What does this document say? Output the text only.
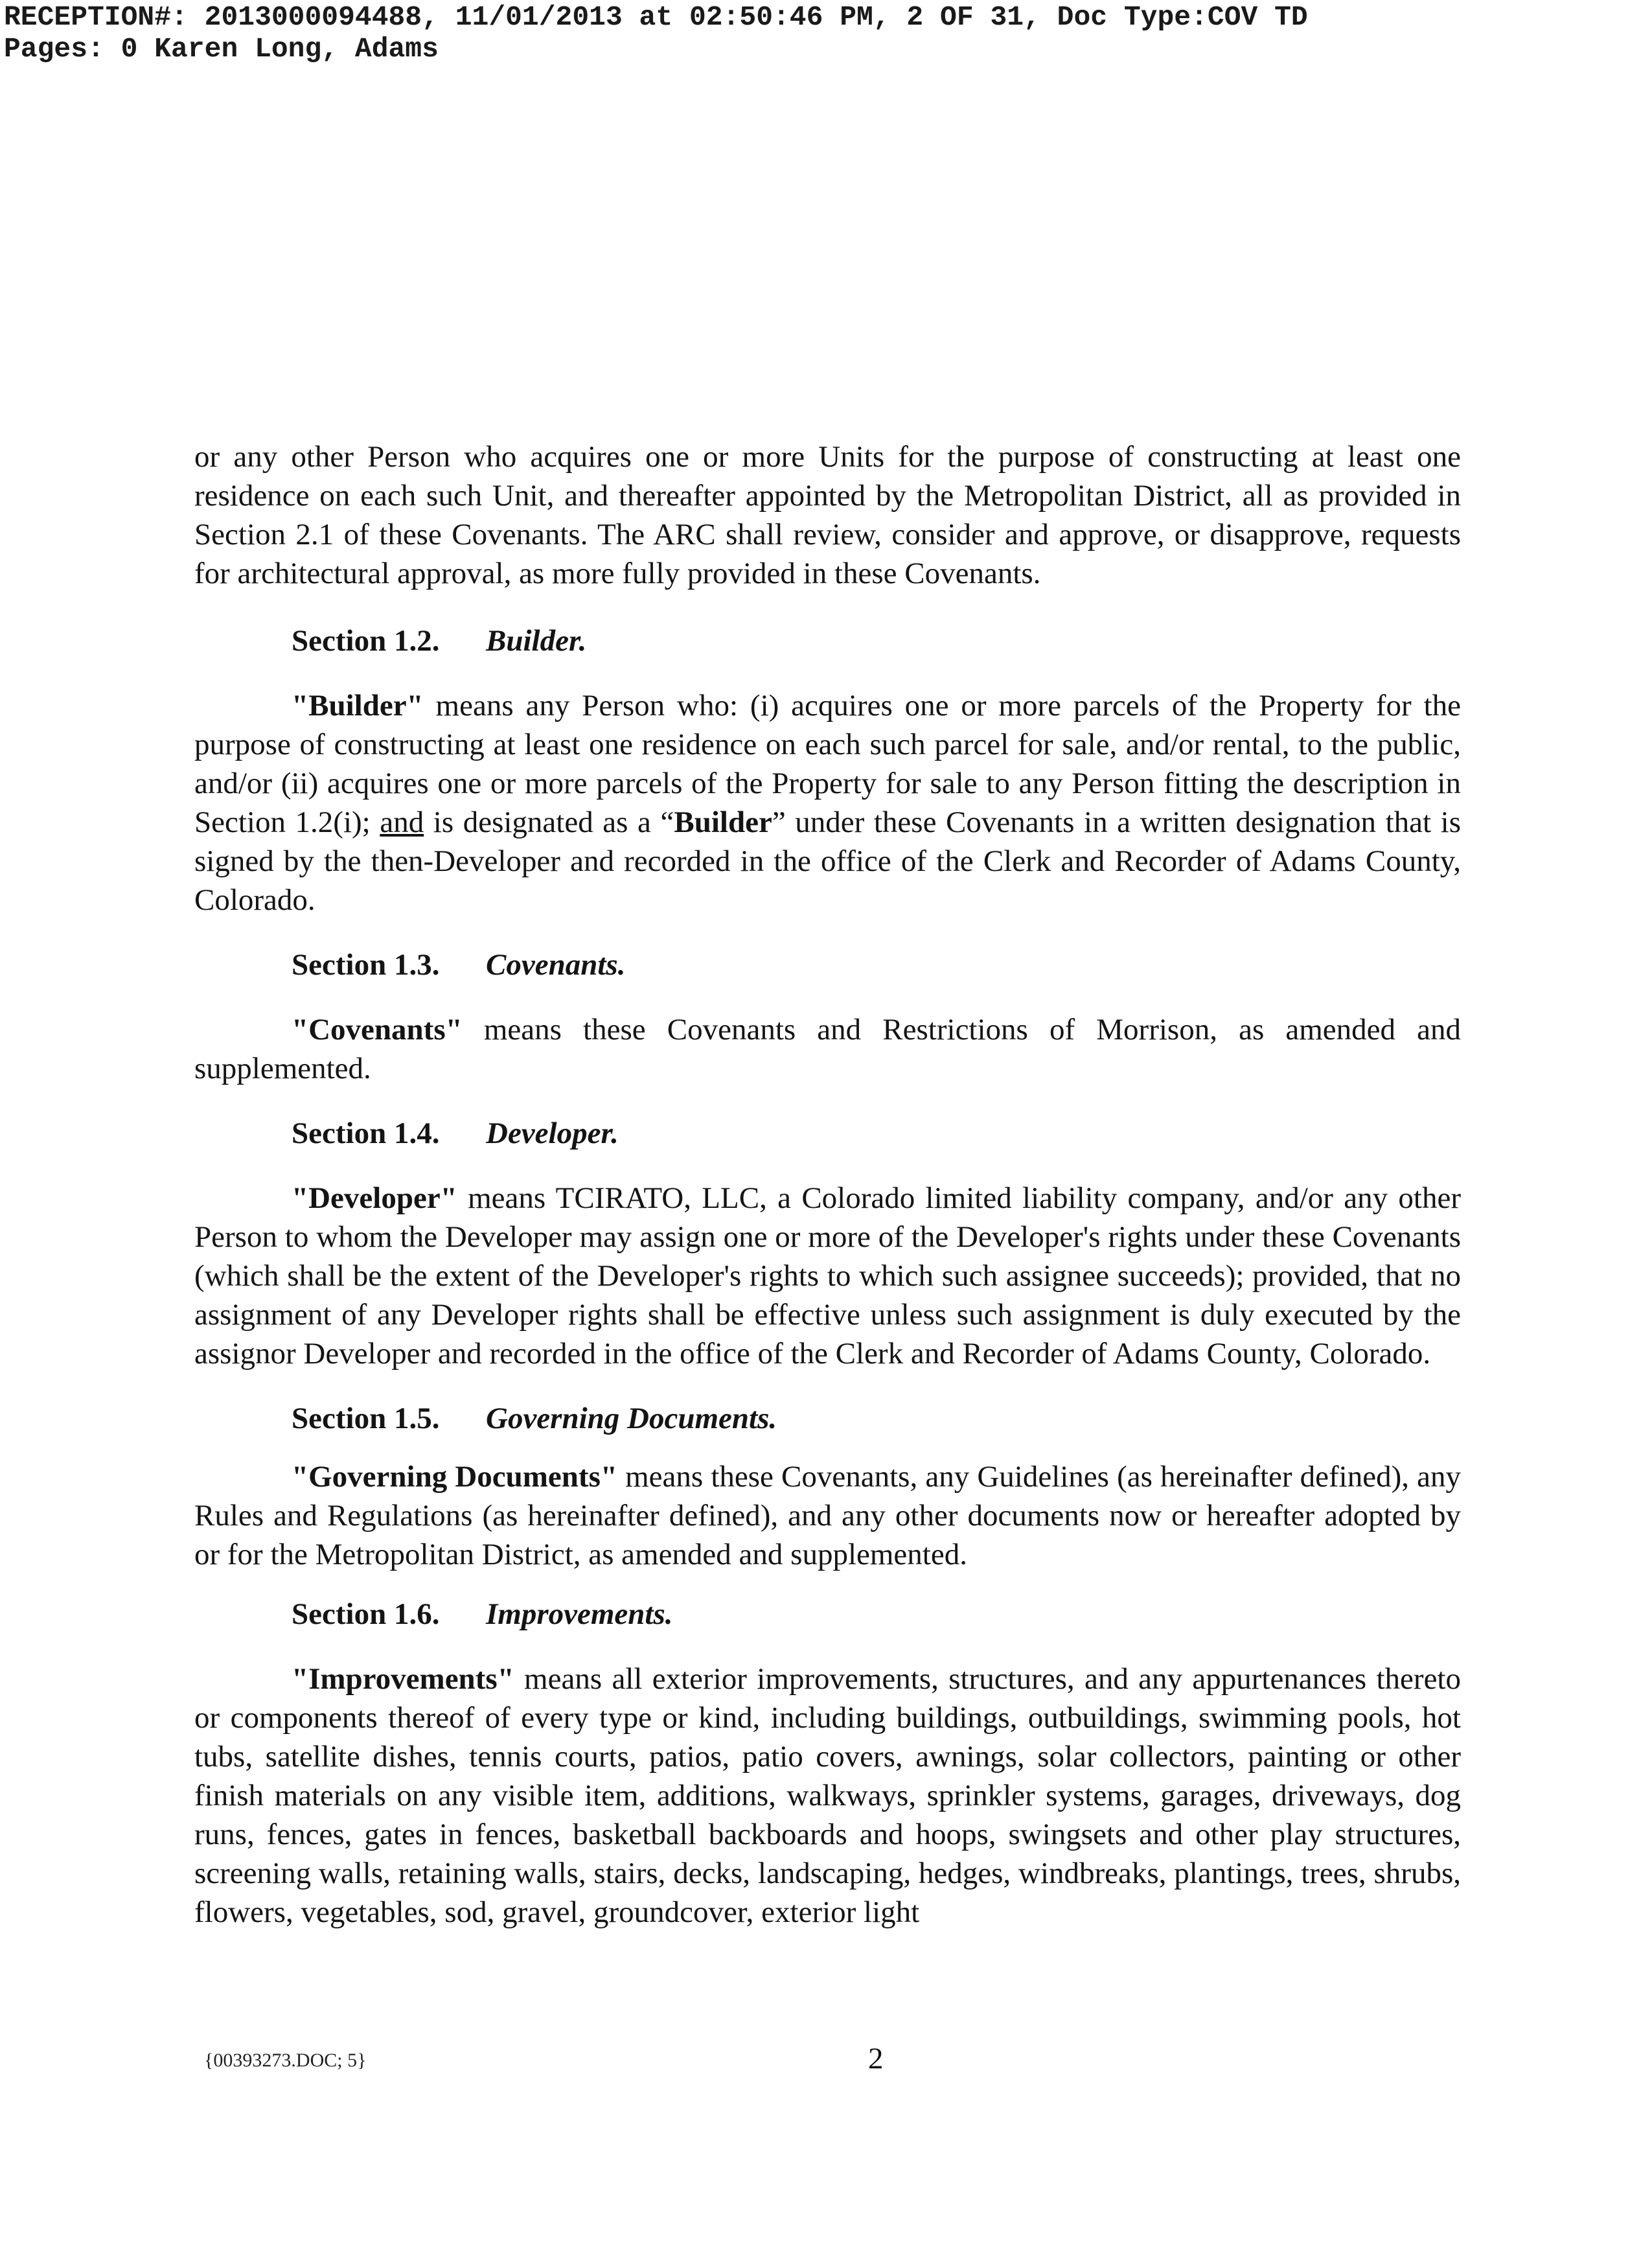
RECEPTION#: 2013000094488, 11/01/2013 at 02:50:46 PM, 2 OF 31, Doc Type:COV TD
Pages: 0 Karen Long, Adams

or any other Person who acquires one or more Units for the purpose of constructing at least one residence on each such Unit, and thereafter appointed by the Metropolitan District, all as provided in Section 2.1 of these Covenants. The ARC shall review, consider and approve, or disapprove, requests for architectural approval, as more fully provided in these Covenants.

Section 1.2. Builder.

"Builder" means any Person who: (i) acquires one or more parcels of the Property for the purpose of constructing at least one residence on each such parcel for sale, and/or rental, to the public, and/or (ii) acquires one or more parcels of the Property for sale to any Person fitting the description in Section 1.2(i); and is designated as a “Builder” under these Covenants in a written designation that is signed by the then-Developer and recorded in the office of the Clerk and Recorder of Adams County, Colorado.

Section 1.3. Covenants.

"Covenants" means these Covenants and Restrictions of Morrison, as amended and supplemented.

Section 1.4. Developer.

"Developer" means TCIRATO, LLC, a Colorado limited liability company, and/or any other Person to whom the Developer may assign one or more of the Developer's rights under these Covenants (which shall be the extent of the Developer's rights to which such assignee succeeds); provided, that no assignment of any Developer rights shall be effective unless such assignment is duly executed by the assignor Developer and recorded in the office of the Clerk and Recorder of Adams County, Colorado.

Section 1.5. Governing Documents.

"Governing Documents" means these Covenants, any Guidelines (as hereinafter defined), any Rules and Regulations (as hereinafter defined), and any other documents now or hereafter adopted by or for the Metropolitan District, as amended and supplemented.

Section 1.6. Improvements.

"Improvements" means all exterior improvements, structures, and any appurtenances thereto or components thereof of every type or kind, including buildings, outbuildings, swimming pools, hot tubs, satellite dishes, tennis courts, patios, patio covers, awnings, solar collectors, painting or other finish materials on any visible item, additions, walkways, sprinkler systems, garages, driveways, dog runs, fences, gates in fences, basketball backboards and hoops, swingsets and other play structures, screening walls, retaining walls, stairs, decks, landscaping, hedges, windbreaks, plantings, trees, shrubs, flowers, vegetables, sod, gravel, groundcover, exterior light

{00393273.DOC; 5}	2
